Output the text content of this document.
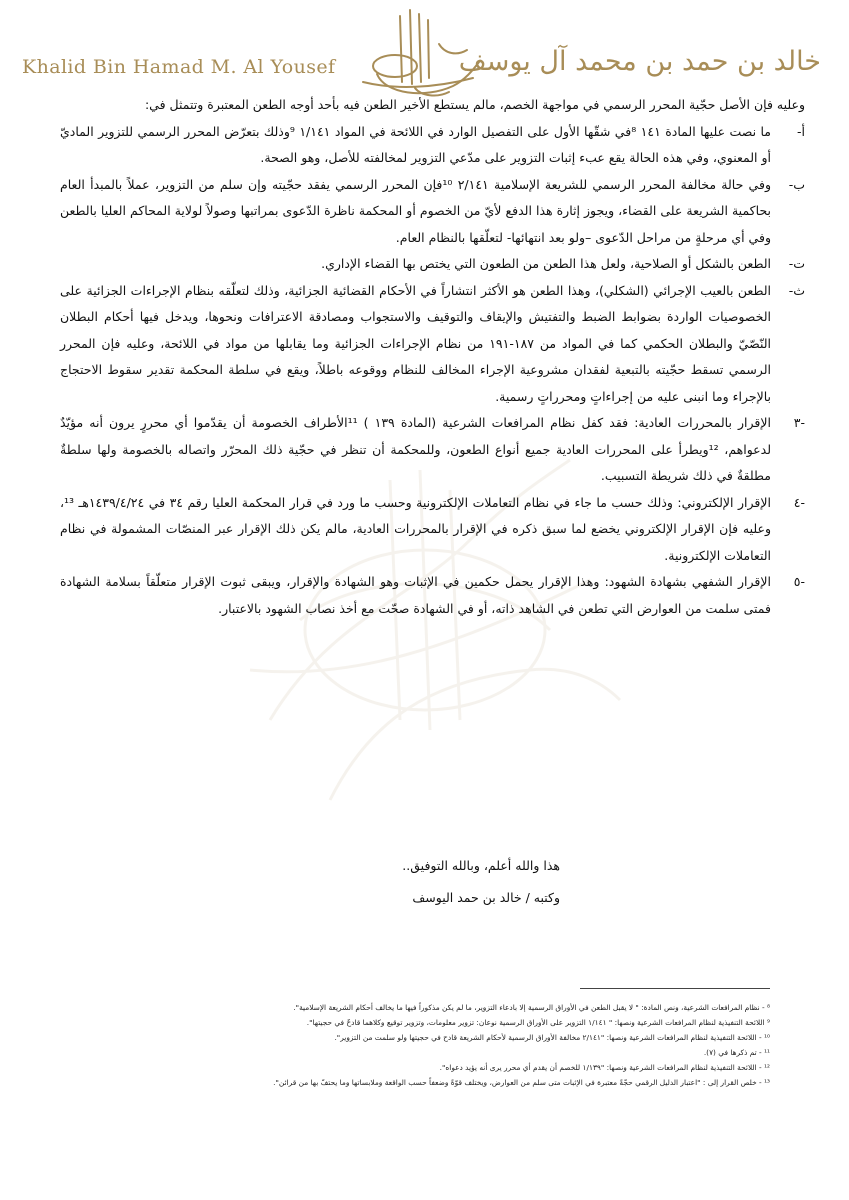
Khalid Bin Hamad M. Al Yousef	خالد بن حمد بن محمد آل يوسف

وعليه فإن الأصل حجّية المحرر الرسمي في مواجهة الخصم، مالم يستطع الأخير الطعن فيه بأحد أوجه الطعن المعتبرة وتتمثل في:

أ-
ما نصت عليها المادة ١٤١ ⁸في شقّها الأول على التفصيل الوارد في اللائحة في المواد ١/١٤١ ⁹وذلك بتعرّض المحرر الرسمي للتزوير الماديّ أو المعنوي، وفي هذه الحالة يقع عبء إثبات التزوير على مدّعي التزوير لمخالفته للأصل، وهو الصحة.
ب-
وفي حالة مخالفة المحرر الرسمي للشريعة الإسلامية ٢/١٤١ ¹⁰فإن المحرر الرسمي يفقد حجّيته وإن سلم من التزوير، عملاً بالمبدأ العام بحاكمية الشريعة على القضاء، ويجوز إثارة هذا الدفع لأيّ من الخصوم أو المحكمة ناظرة الدّعوى بمراتبها وصولاً لولاية المحاكم العليا بالطعن وفي أي مرحلةٍ من مراحل الدّعوى –ولو بعد انتهائها- لتعلّقها بالنظام العام.
ت-
الطعن بالشكل أو الصلاحية، ولعل هذا الطعن من الطعون التي يختص بها القضاء الإداري.
ث-
الطعن بالعيب الإجرائي (الشكلي)، وهذا الطعن هو الأكثر انتشاراً في الأحكام القضائية الجزائية، وذلك لتعلّقه بنظام الإجراءات الجزائية على الخصوصيات الواردة بضوابط الضبط والتفتيش والإيقاف والتوقيف والاستجواب ومصادقة الاعترافات ونحوها، ويدخل فيها أحكام البطلان النّصّيّ والبطلان الحكمي كما في المواد من ١٨٧-١٩١ من نظام الإجراءات الجزائية وما يقابلها من مواد في اللائحة، وعليه فإن المحرر الرسمي تسقط حجّيته بالتبعية لفقدان مشروعية الإجراء المخالف للنظام ووقوعه باطلاً، ويقع في سلطة المحكمة تقدير سقوط الاحتجاج بالإجراء وما انبنى عليه من إجراءاتٍ ومحرراتٍ رسمية.
-٣
الإقرار بالمحررات العادية: فقد كفل نظام المرافعات الشرعية (المادة ١٣٩ ) ¹¹الأطراف الخصومة أن يقدّموا أي محررٍ يرون أنه مؤيّدٌ لدعواهم، ¹²ويطرأ على المحررات العادية جميع أنواع الطعون، وللمحكمة أن تنظر في حجّية ذلك المحرّر واتصاله بالخصومة ولها سلطةٌ مطلقةٌ في ذلك شريطة التسبيب.
-٤
الإقرار الإلكتروني: وذلك حسب ما جاء في نظام التعاملات الإلكترونية وحسب ما ورد في قرار المحكمة العليا رقم ٣٤ في ١٤٣٩/٤/٢٤هـ ¹³، وعليه فإن الإقرار الإلكتروني يخضع لما سبق ذكره في الإقرار بالمحررات العادية، مالم يكن ذلك الإقرار عبر المنصّات المشمولة في نظام التعاملات الإلكترونية.
-٥
الإقرار الشفهي بشهادة الشهود: وهذا الإقرار يحمل حكمين في الإثبات وهو الشهادة والإقرار، ويبقى ثبوت الإقرار متعلّقاً بسلامة الشهادة فمتى سلمت من العوارض التي تطعن في الشاهد ذاته، أو في الشهادة صحّت مع أخذ نصاب الشهود بالاعتبار.
هذا والله أعلم، وبالله التوفيق..
وكتبه / خالد بن حمد اليوسف
⁸ - نظام المرافعات الشرعية، ونص المادة: " لا يقبل الطعن في الأوراق الرسمية إلا بادعاء التزوير، ما لم يكن مذكوراً فيها ما يخالف أحكام الشريعة الإسلامية".
⁹ اللائحة التنفيذية لنظام المرافعات الشرعية ونصها: " ١/١٤١ التزوير على الأوراق الرسمية نوعان: تزوير معلومات، وتزوير توقيع وكلاهما قادحٌ في حجيتها".
¹⁰ - اللائحة التنفيذية لنظام المرافعات الشرعية ونصها: "٢/١٤١ مخالفة الأوراق الرسمية لأحكام الشريعة قادح في حجيتها ولو سلمت من التزوير".
¹¹ - تم ذكرها في (٧).
¹² - اللائحة التنفيذية لنظام المرافعات الشرعية ونصها: "١/١٣٩ للخصم أن يقدم أي محرر يرى أنه يؤيد دعواه".
¹³ - خلص القرار إلى : "اعتبار الدليل الرقمي حجّةً معتبرة في الإثبات متى سلم من العوارض، ويختلف قوّةً وضعفاً حسب الواقعة وملابساتها وما يحتفّ بها من قرائن".
